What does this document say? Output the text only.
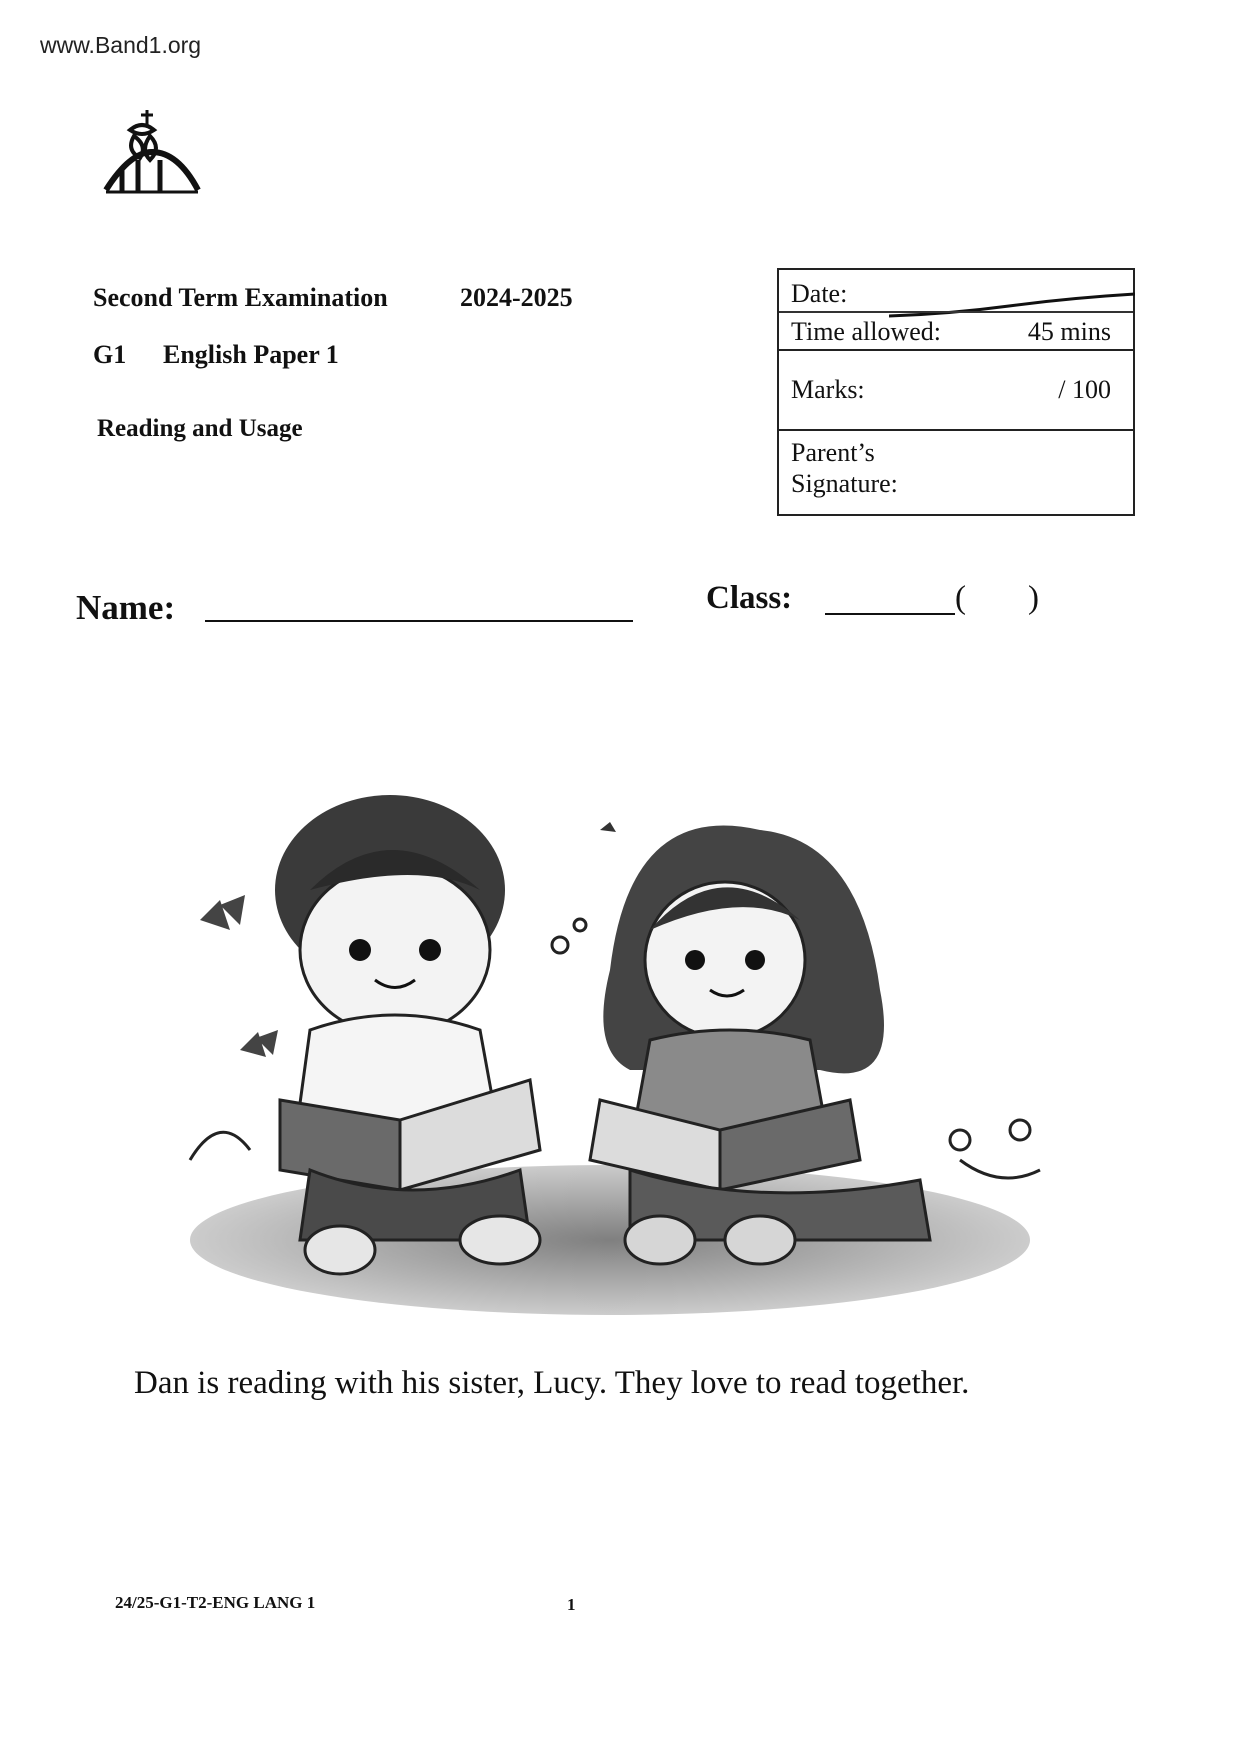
www.Band1.org
Second Term Examination	2024-2025
G1 English Paper 1
Reading and Usage
Date:
Time allowed:	45 mins
Marks:	/ 100
Parent’s Signature:
Name:	Class:	( )
Dan is reading with his sister, Lucy. They love to read together.
24/25-G1-T2-ENG LANG 1	1
